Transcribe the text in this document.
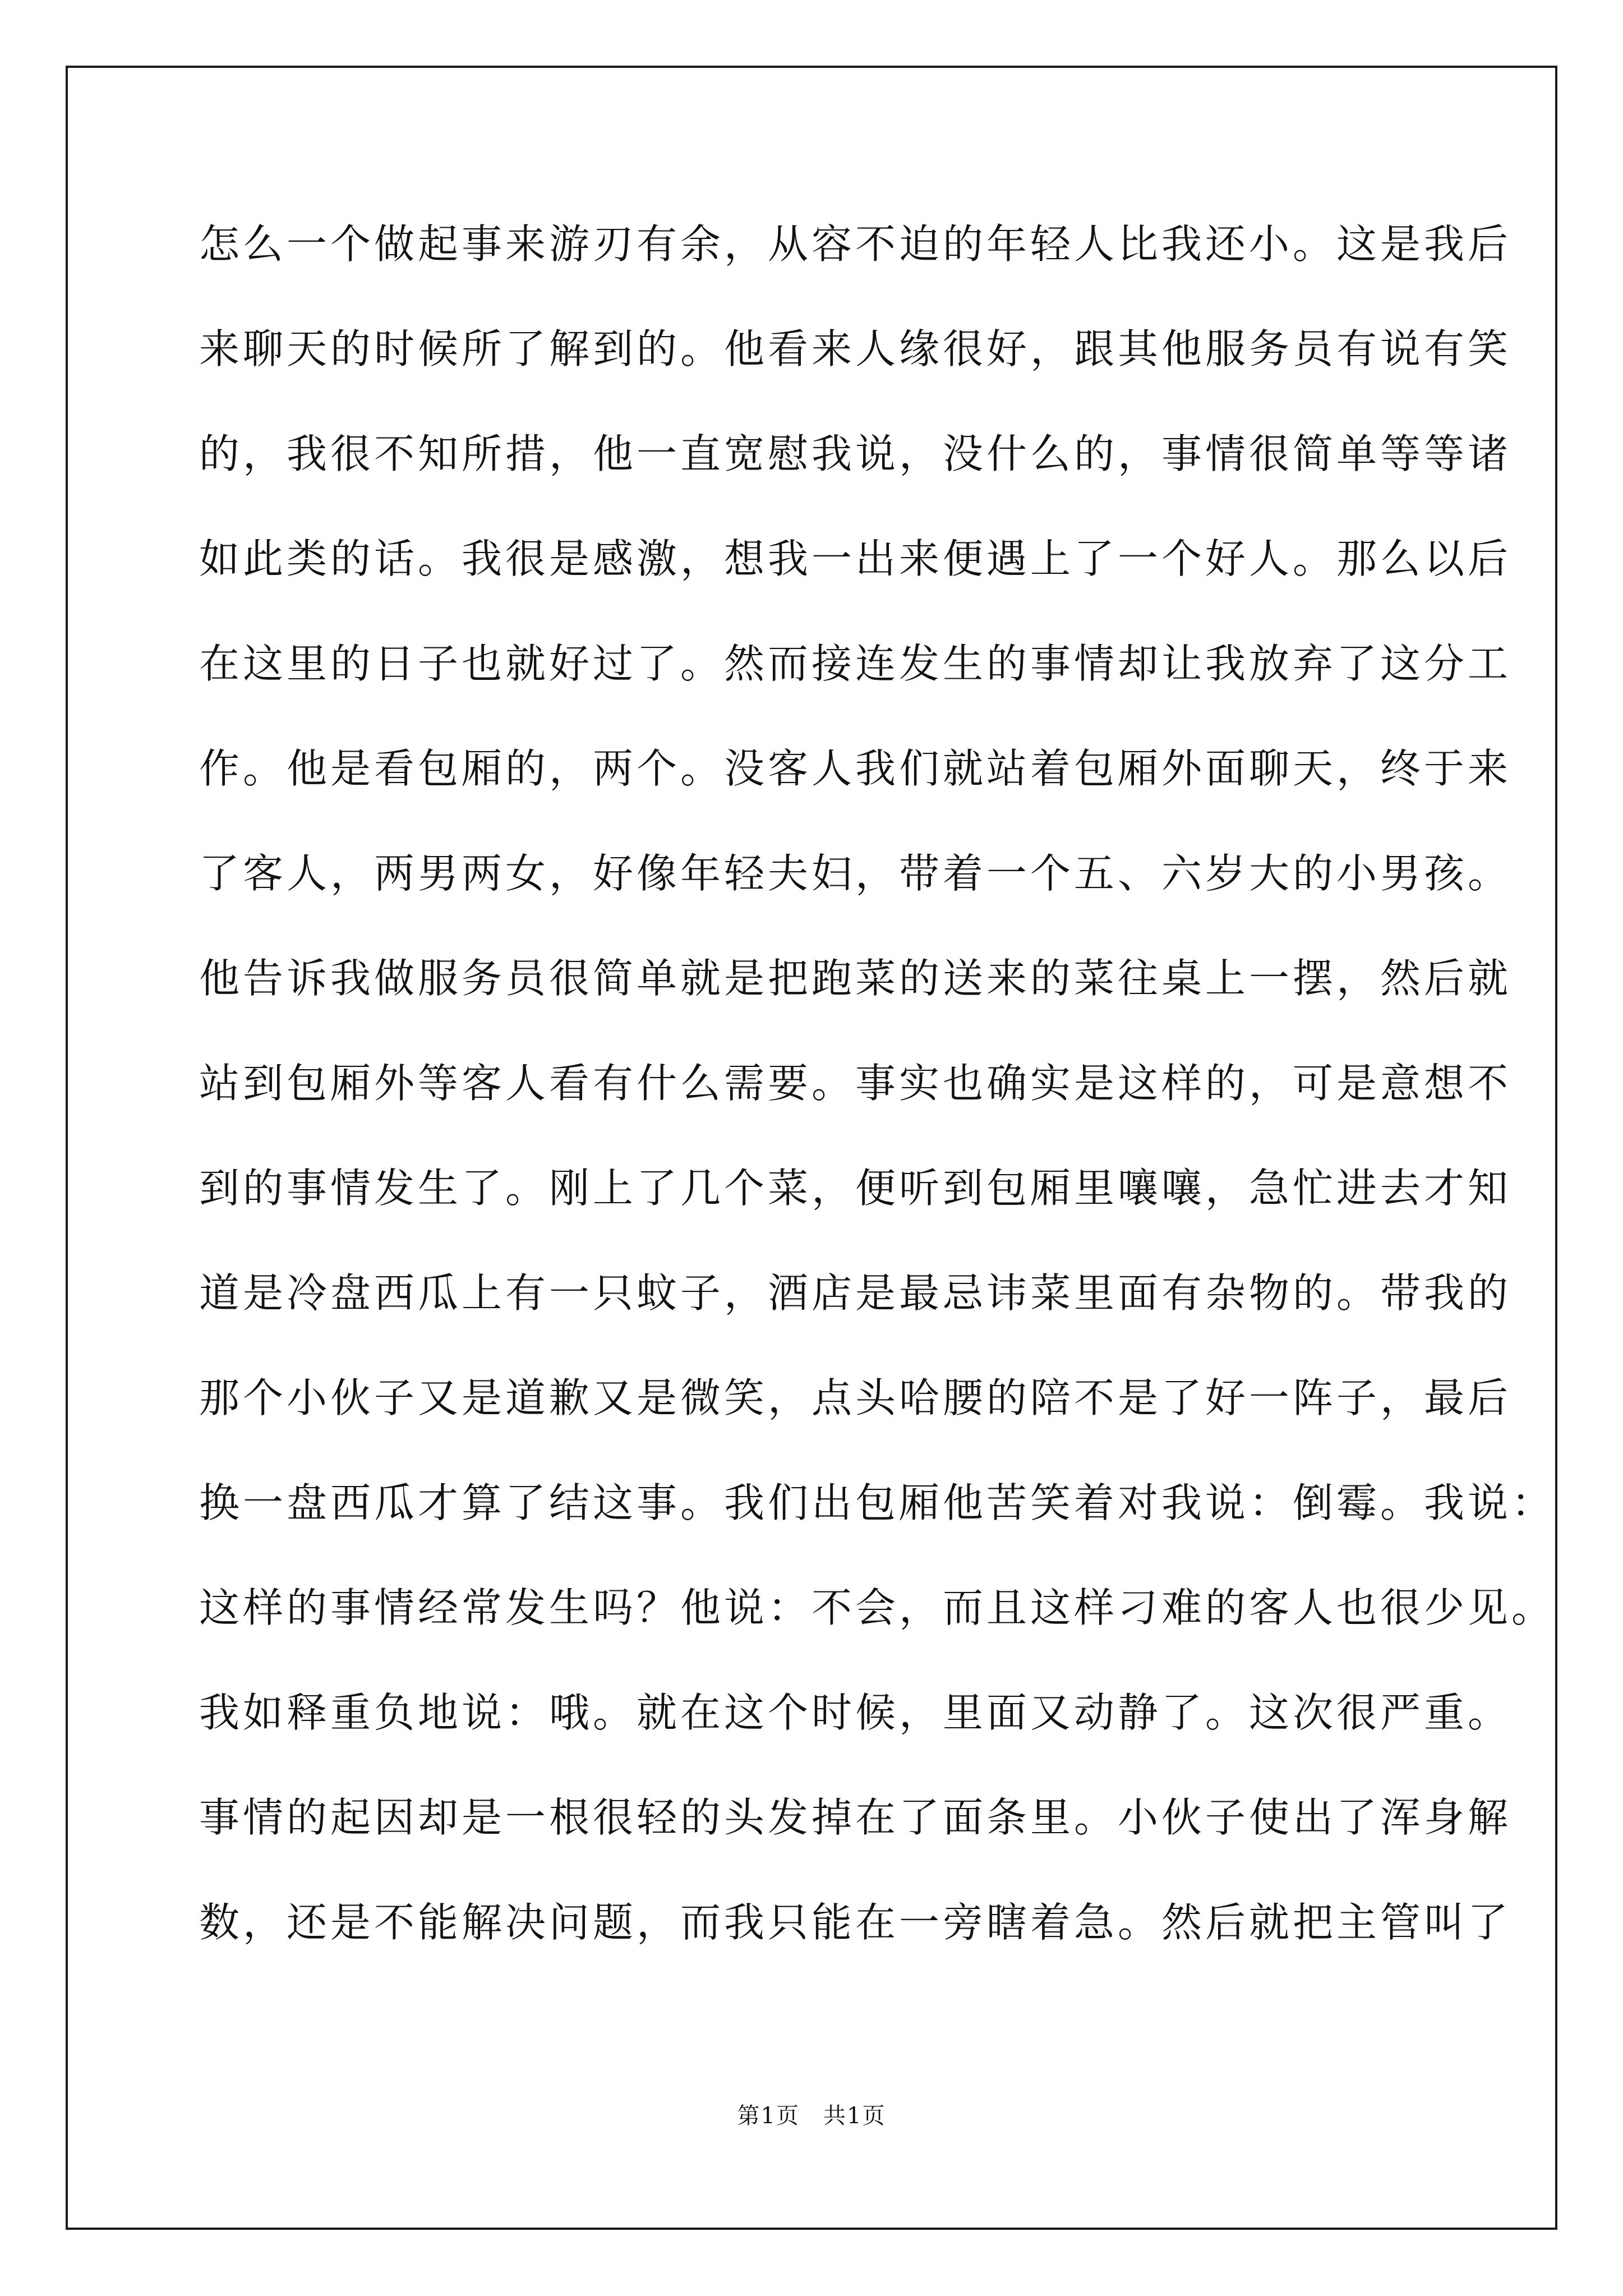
怎么一个做起事来游刃有余，从容不迫的年轻人比我还小。这是我后
来聊天的时候所了解到的。他看来人缘很好，跟其他服务员有说有笑
的，我很不知所措，他一直宽慰我说，没什么的，事情很简单等等诸
如此类的话。我很是感激，想我一出来便遇上了一个好人。那么以后
在这里的日子也就好过了。然而接连发生的事情却让我放弃了这分工
作。他是看包厢的，两个。没客人我们就站着包厢外面聊天，终于来
了客人，两男两女，好像年轻夫妇，带着一个五、六岁大的小男孩。
他告诉我做服务员很简单就是把跑菜的送来的菜往桌上一摆，然后就
站到包厢外等客人看有什么需要。事实也确实是这样的，可是意想不
到的事情发生了。刚上了几个菜，便听到包厢里嚷嚷，急忙进去才知
道是冷盘西瓜上有一只蚊子，酒店是最忌讳菜里面有杂物的。带我的
那个小伙子又是道歉又是微笑，点头哈腰的陪不是了好一阵子，最后
换一盘西瓜才算了结这事。我们出包厢他苦笑着对我说：倒霉。我说：
这样的事情经常发生吗？他说：不会，而且这样刁难的客人也很少见。
我如释重负地说：哦。就在这个时候，里面又动静了。这次很严重。
事情的起因却是一根很轻的头发掉在了面条里。小伙子使出了浑身解
数，还是不能解决问题，而我只能在一旁瞎着急。然后就把主管叫了
第1页　共1页
